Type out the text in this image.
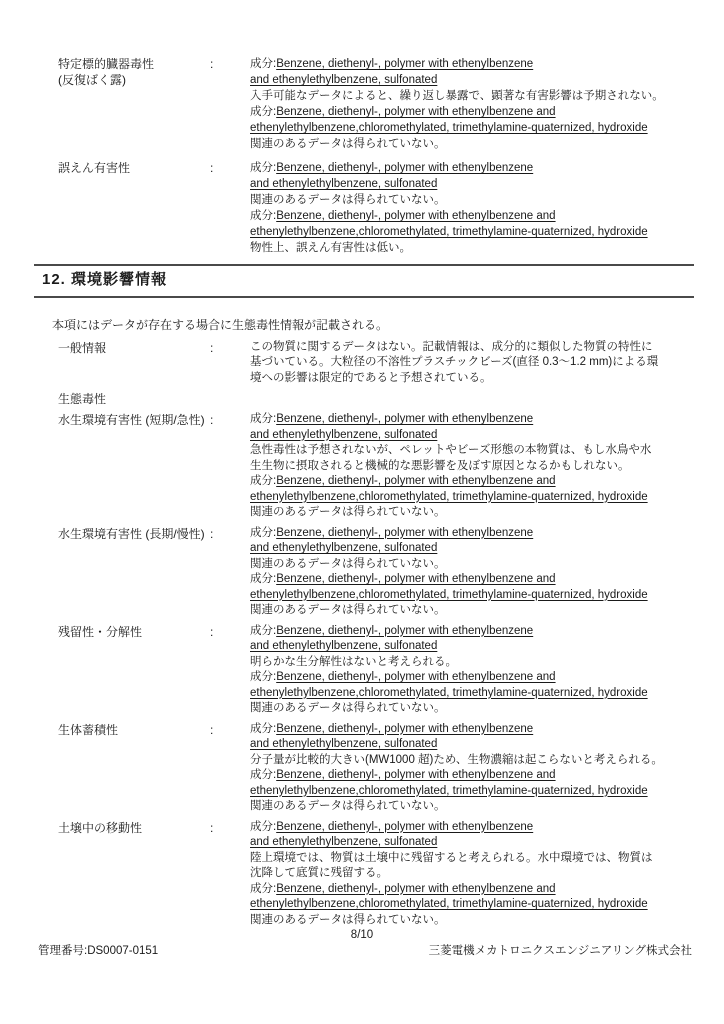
特定標的臓器毒性
(反復ばく露)
:	成分:Benzene, diethenyl-, polymer with ethenylbenzene
and ethenylethylbenzene, sulfonated
入手可能なデータによると、繰り返し暴露で、顕著な有害影響は予期されない。
成分:Benzene, diethenyl-, polymer with ethenylbenzene and
ethenylethylbenzene,chloromethylated, trimethylamine-quaternized, hydroxide
関連のあるデータは得られていない。
誤えん有害性	:	成分:Benzene, diethenyl-, polymer with ethenylbenzene
and ethenylethylbenzene, sulfonated
関連のあるデータは得られていない。
成分:Benzene, diethenyl-, polymer with ethenylbenzene and
ethenylethylbenzene,chloromethylated, trimethylamine-quaternized, hydroxide
物性上、誤えん有害性は低い。
12. 環境影響情報
本項にはデータが存在する場合に生態毒性情報が記載される。
一般情報	:	この物質に関するデータはない。記載情報は、成分的に類似した物質の特性に
基づいている。大粒径の不溶性プラスチックビーズ(直径 0.3～1.2 mm)による環
境への影響は限定的であると予想されている。
生態毒性
水生環境有害性 (短期/急性) :	成分:Benzene, diethenyl-, polymer with ethenylbenzene
and ethenylethylbenzene, sulfonated
急性毒性は予想されないが、ペレットやビーズ形態の本物質は、もし水鳥や水
生生物に摂取されると機械的な悪影響を及ぼす原因となるかもしれない。
成分:Benzene, diethenyl-, polymer with ethenylbenzene and
ethenylethylbenzene,chloromethylated, trimethylamine-quaternized, hydroxide
関連のあるデータは得られていない。
水生環境有害性 (長期/慢性) :	成分:Benzene, diethenyl-, polymer with ethenylbenzene
and ethenylethylbenzene, sulfonated
関連のあるデータは得られていない。
成分:Benzene, diethenyl-, polymer with ethenylbenzene and
ethenylethylbenzene,chloromethylated, trimethylamine-quaternized, hydroxide
関連のあるデータは得られていない。
残留性・分解性	:	成分:Benzene, diethenyl-, polymer with ethenylbenzene
and ethenylethylbenzene, sulfonated
明らかな生分解性はないと考えられる。
成分:Benzene, diethenyl-, polymer with ethenylbenzene and
ethenylethylbenzene,chloromethylated, trimethylamine-quaternized, hydroxide
関連のあるデータは得られていない。
生体蓄積性	:	成分:Benzene, diethenyl-, polymer with ethenylbenzene
and ethenylethylbenzene, sulfonated
分子量が比較的大きい(MW1000 超)ため、生物濃縮は起こらないと考えられる。
成分:Benzene, diethenyl-, polymer with ethenylbenzene and
ethenylethylbenzene,chloromethylated, trimethylamine-quaternized, hydroxide
関連のあるデータは得られていない。
土壌中の移動性	:	成分:Benzene, diethenyl-, polymer with ethenylbenzene
and ethenylethylbenzene, sulfonated
陸上環境では、物質は土壌中に残留すると考えられる。水中環境では、物質は
沈降して底質に残留する。
成分:Benzene, diethenyl-, polymer with ethenylbenzene and
ethenylethylbenzene,chloromethylated, trimethylamine-quaternized, hydroxide
関連のあるデータは得られていない。
8/10
管理番号:DS0007-0151	三菱電機メカトロニクスエンジニアリング株式会社
